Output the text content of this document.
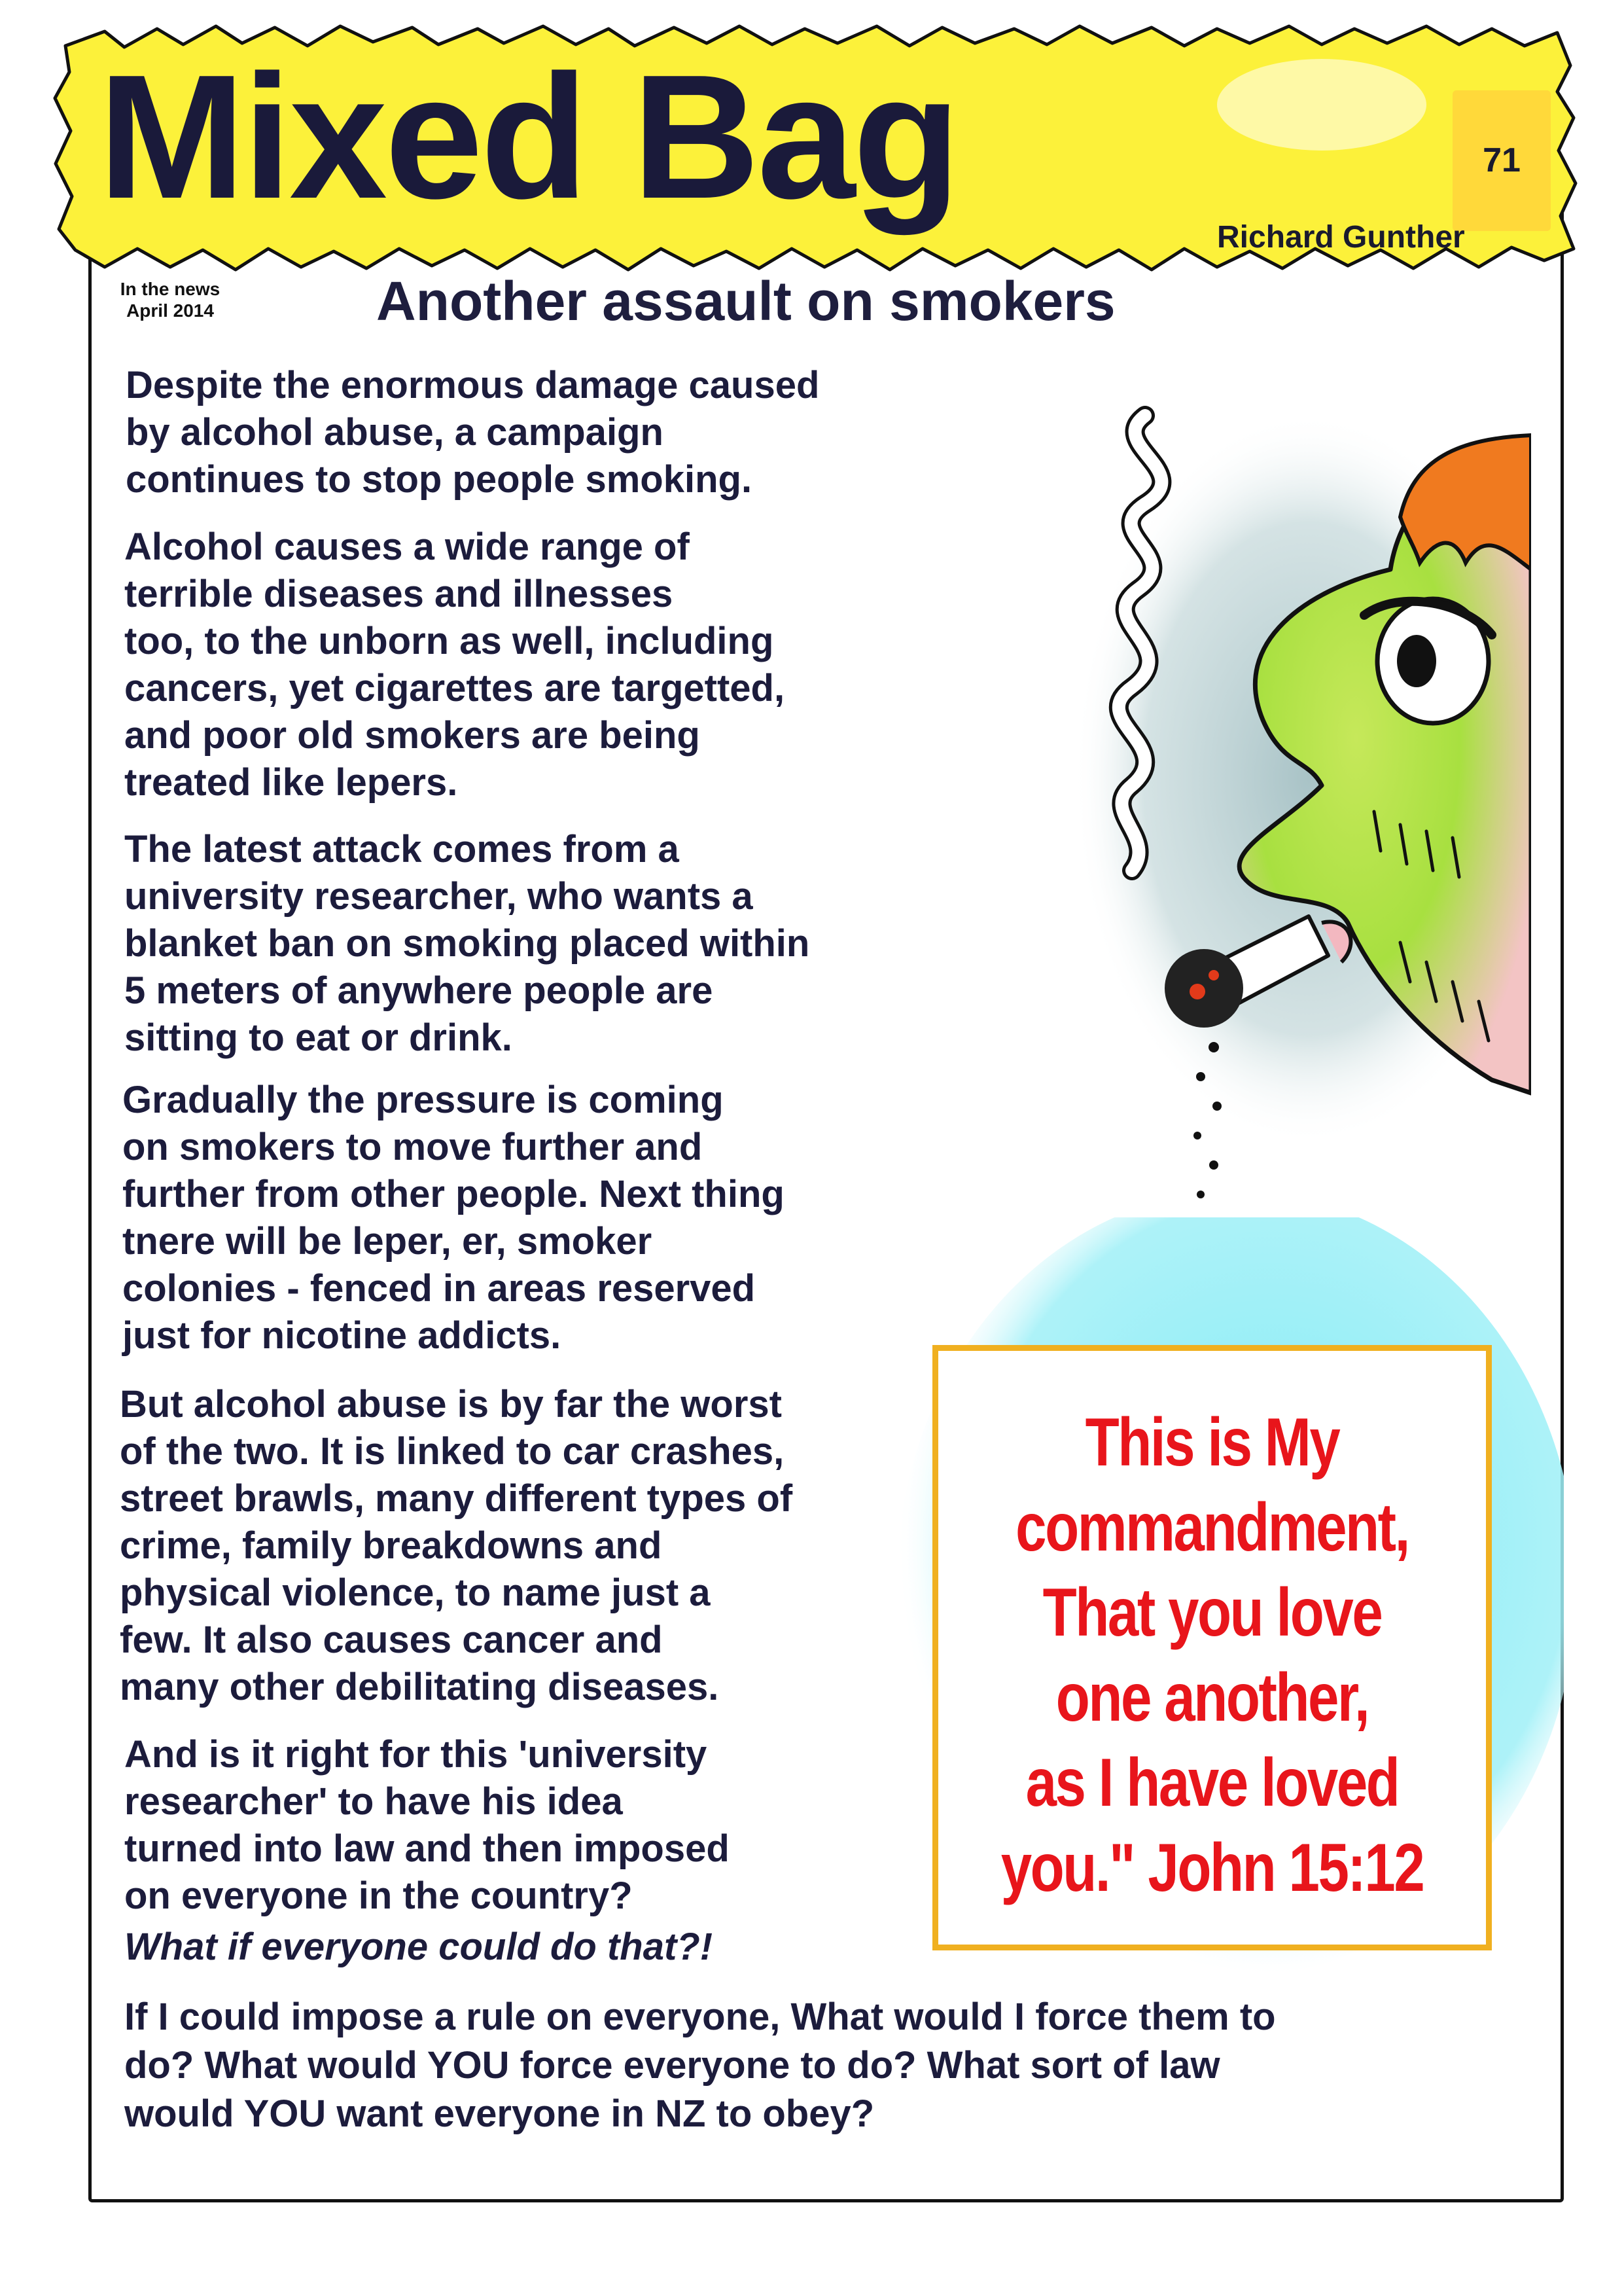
Mixed Bag	71

Richard Gunther

In the news
April 2014	Another assault on smokers

Despite the enormous damage caused
by alcohol abuse, a campaign
continues to stop people smoking.

Alcohol causes a wide range of
terrible diseases and illnesses
too, to the unborn as well, including
cancers, yet cigarettes are targetted,
and poor old smokers are being
treated like lepers.

The latest attack comes from a
university researcher, who wants a
blanket ban on smoking placed within
5 meters of anywhere people are
sitting to eat or drink.

Gradually the pressure is coming
on smokers to move further and
further from other people. Next thing
tnere will be leper, er, smoker
colonies - fenced in areas reserved
just for nicotine addicts.

But alcohol abuse is by far the worst
of the two. It is linked to car crashes,
street brawls, many different types of
crime, family breakdowns and
physical violence, to name just a
few. It also causes cancer and
many other debilitating diseases.

And is it right for this 'university
researcher' to have his idea
turned into law and then imposed
on everyone in the country?
What if everyone could do that?!

This is My
commandment,
That you love
one another,
as I have loved
you." John 15:12

If I could impose a rule on everyone, What would I force them to
do? What would YOU force everyone to do? What sort of law
would YOU want everyone in NZ to obey?
